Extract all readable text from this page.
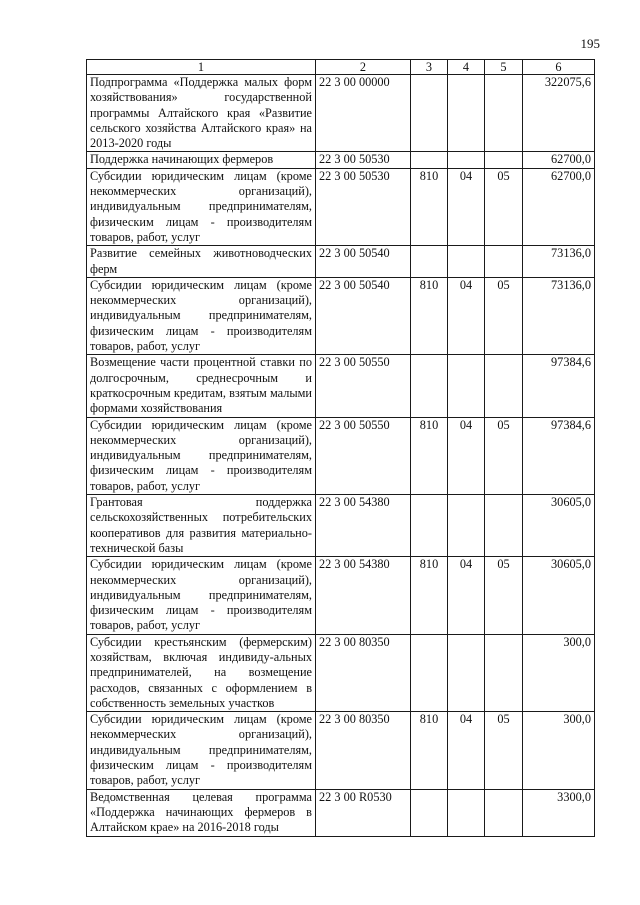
195
1	2	3	4	5	6
Подпрограмма «Поддержка малых форм хозяйствования» государственной программы Алтайского края «Развитие сельского хозяйства Алтайского края» на 2013-2020 годы	22 3 00 00000				322075,6
Поддержка начинающих фермеров	22 3 00 50530				62700,0
Субсидии юридическим лицам (кроме некоммерческих организаций), индивидуальным предпринимателям, физическим лицам - производителям товаров, работ, услуг	22 3 00 50530	810	04	05	62700,0
Развитие семейных животноводческих ферм	22 3 00 50540				73136,0
Субсидии юридическим лицам (кроме некоммерческих организаций), индивидуальным предпринимателям, физическим лицам - производителям товаров, работ, услуг	22 3 00 50540	810	04	05	73136,0
Возмещение части процентной ставки по долгосрочным, среднесрочным и краткосрочным кредитам, взятым малыми формами хозяйствования	22 3 00 50550				97384,6
Субсидии юридическим лицам (кроме некоммерческих организаций), индивидуальным предпринимателям, физическим лицам - производителям товаров, работ, услуг	22 3 00 50550	810	04	05	97384,6
Грантовая поддержка сельскохозяйственных потребительских кооперативов для развития материально-технической базы	22 3 00 54380				30605,0
Субсидии юридическим лицам (кроме некоммерческих организаций), индивидуальным предпринимателям, физическим лицам - производителям товаров, работ, услуг	22 3 00 54380	810	04	05	30605,0
Субсидии крестьянским (фермерским) хозяйствам, включая индивиду-альных предпринимателей, на возмещение расходов, связанных с оформлением в собственность земельных участков	22 3 00 80350				300,0
Субсидии юридическим лицам (кроме некоммерческих организаций), индивидуальным предпринимателям, физическим лицам - производителям товаров, работ, услуг	22 3 00 80350	810	04	05	300,0
Ведомственная целевая программа «Поддержка начинающих фермеров в Алтайском крае» на 2016-2018 годы	22 3 00 R0530				3300,0
